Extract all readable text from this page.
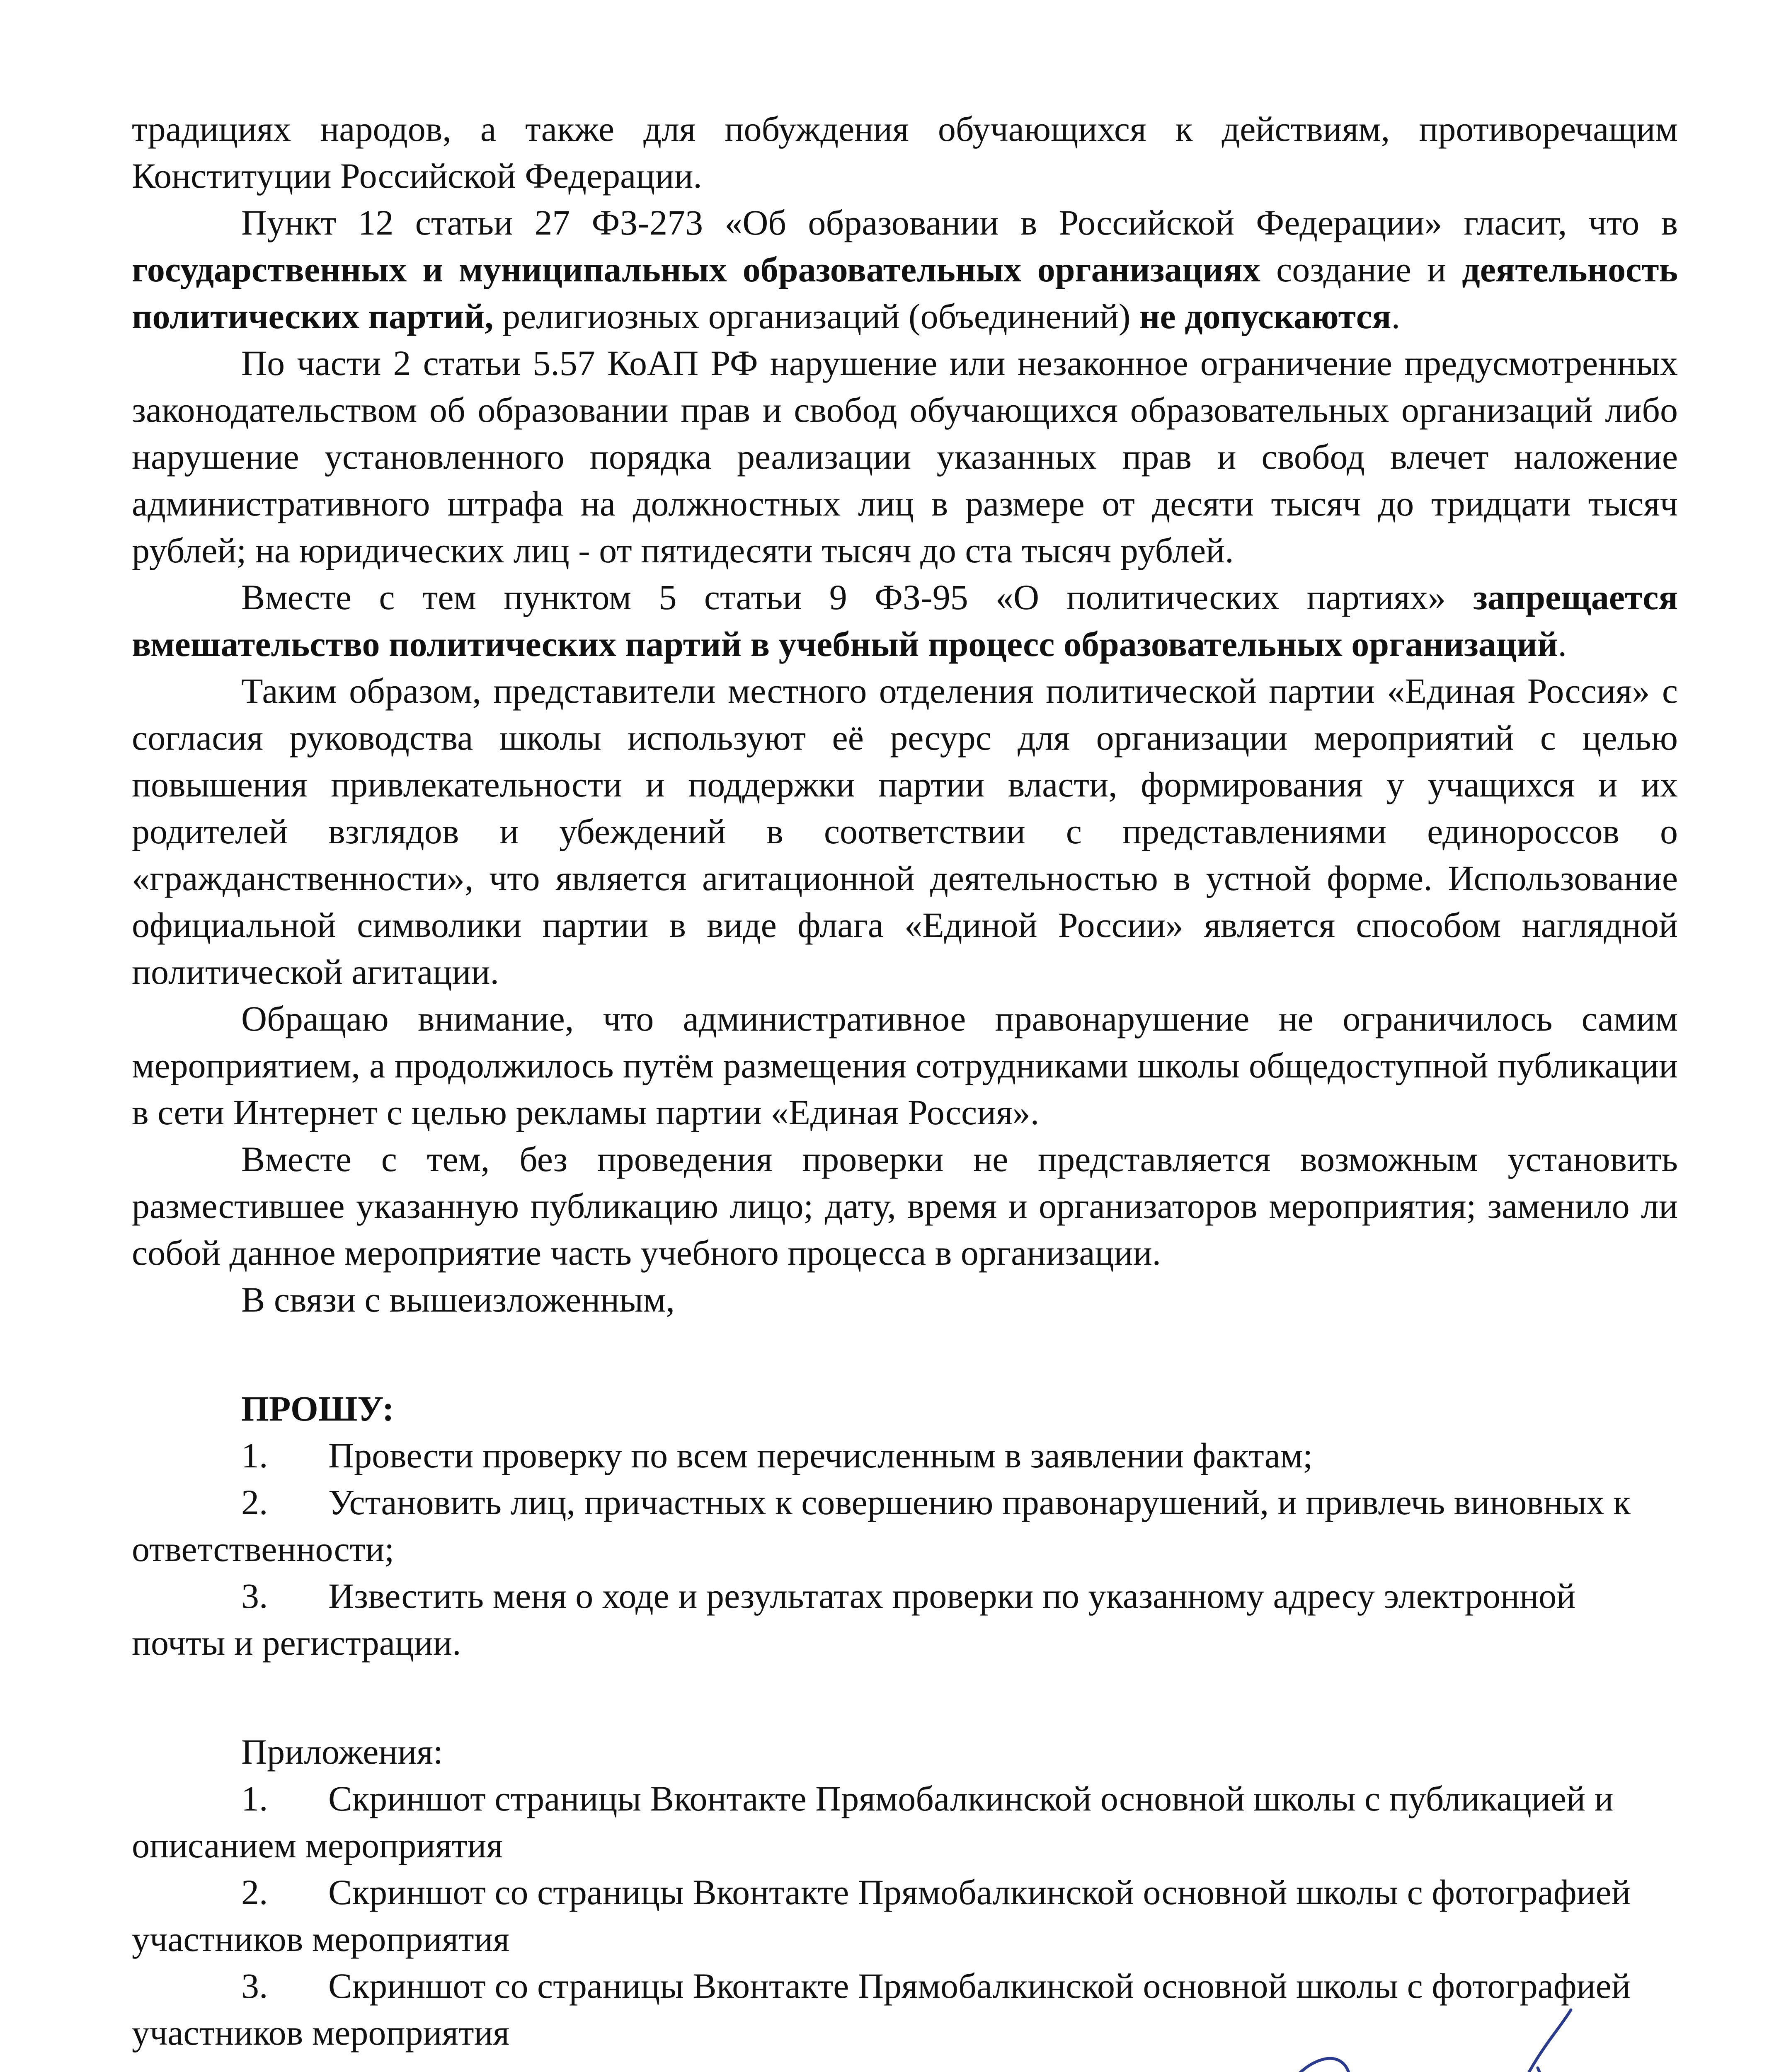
традициях народов, а также для побуждения обучающихся к действиям, противоречащим Конституции Российской Федерации.

Пункт 12 статьи 27 ФЗ-273 «Об образовании в Российской Федерации» гласит, что в государственных и муниципальных образовательных организациях создание и деятельность политических партий, религиозных организаций (объединений) не допускаются.

По части 2 статьи 5.57 КоАП РФ нарушение или незаконное ограничение предусмотренных законодательством об образовании прав и свобод обучающихся образовательных организаций либо нарушение установленного порядка реализации указанных прав и свобод влечет наложение административного штрафа на должностных лиц в размере от десяти тысяч до тридцати тысяч рублей; на юридических лиц - от пятидесяти тысяч до ста тысяч рублей.

Вместе с тем пунктом 5 статьи 9 ФЗ-95 «О политических партиях» запрещается вмешательство политических партий в учебный процесс образовательных организаций.

Таким образом, представители местного отделения политической партии «Единая Россия» с согласия руководства школы используют её ресурс для организации мероприятий с целью повышения привлекательности и поддержки партии власти, формирования у учащихся и их родителей взглядов и убеждений в соответствии с представлениями единороссов о «гражданственности», что является агитационной деятельностью в устной форме. Использование официальной символики партии в виде флага «Единой России» является способом наглядной политической агитации.

Обращаю внимание, что административное правонарушение не ограничилось самим мероприятием, а продолжилось путём размещения сотрудниками школы общедоступной публикации в сети Интернет с целью рекламы партии «Единая Россия».

Вместе с тем, без проведения проверки не представляется возможным установить разместившее указанную публикацию лицо; дату, время и организаторов мероприятия; заменило ли собой данное мероприятие часть учебного процесса в организации.

В связи с вышеизложенным,

ПРОШУ:

1. Провести проверку по всем перечисленным в заявлении фактам;

2. Установить лиц, причастных к совершению правонарушений, и привлечь виновных к ответственности;

3. Известить меня о ходе и результатах проверки по указанному адресу электронной почты и регистрации.

Приложения:

1. Скриншот страницы Вконтакте Прямобалкинской основной школы с публикацией и описанием мероприятия

2. Скриншот со страницы Вконтакте Прямобалкинской основной школы с фотографией участников мероприятия

3. Скриншот со страницы Вконтакте Прямобалкинской основной школы с фотографией участников мероприятия
